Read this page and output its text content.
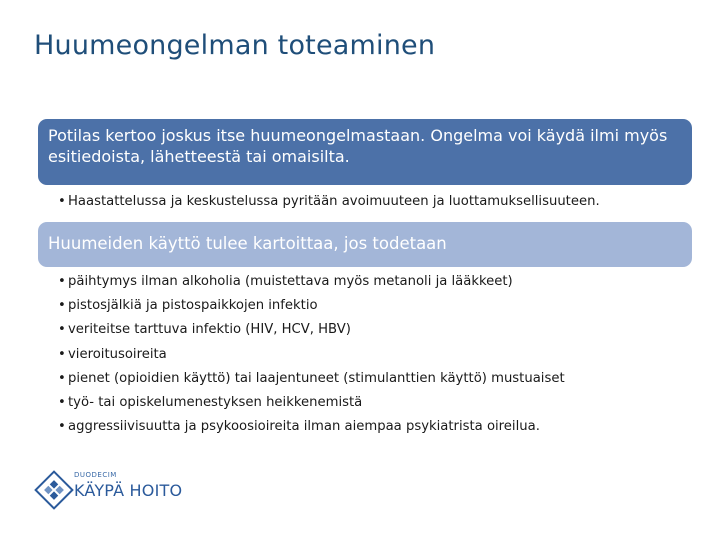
Huumeongelman toteaminen
Potilas kertoo joskus itse huumeongelmastaan. Ongelma voi käydä ilmi myös esitiedoista, lähetteestä tai omaisilta.
• Haastattelussa ja keskustelussa pyritään avoimuuteen ja luottamuksellisuuteen.
Huumeiden käyttö tulee kartoittaa, jos todetaan
• päihtymys ilman alkoholia (muistettava myös metanoli ja lääkkeet)
• pistosjälkiä ja pistospaikkojen infektio
• veriteitse tarttuva infektio (HIV, HCV, HBV)
• vieroitusoireita
• pienet (opioidien käyttö) tai laajentuneet (stimulanttien käyttö) mustuaiset
• työ- tai opiskelumenestyksen heikkenemistä
• aggressiivisuutta ja psykoosioireita ilman aiempaa psykiatrista oireilua.
DUODECIM
KÄYPÄ HOITO
